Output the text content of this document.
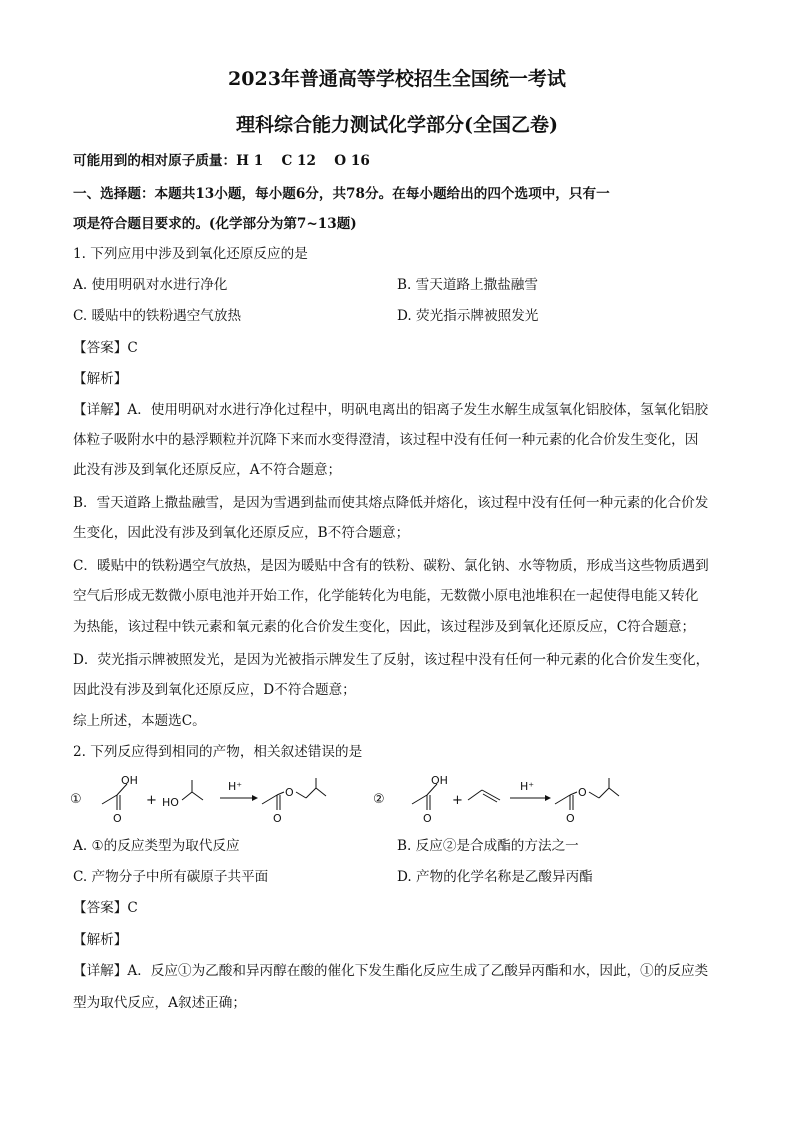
2023年普通高等学校招生全国统一考试
理科综合能力测试化学部分(全国乙卷)
可能用到的相对原子质量：H 1　 C 12　 O 16
一、选择题：本题共13小题，每小题6分，共78分。在每小题给出的四个选项中，只有一
项是符合题目要求的。(化学部分为第7~13题)
1. 下列应用中涉及到氧化还原反应的是
A. 使用明矾对水进行净化	B. 雪天道路上撒盐融雪
C. 暖贴中的铁粉遇空气放热	D. 荧光指示牌被照发光
【答案】C
【解析】
【详解】A．使用明矾对水进行净化过程中，明矾电离出的铝离子发生水解生成氢氧化铝胶体，氢氧化铝胶
体粒子吸附水中的悬浮颗粒并沉降下来而水变得澄清，该过程中没有任何一种元素的化合价发生变化，因
此没有涉及到氧化还原反应，A不符合题意；
B．雪天道路上撒盐融雪，是因为雪遇到盐而使其熔点降低并熔化，该过程中没有任何一种元素的化合价发
生变化，因此没有涉及到氧化还原反应，B不符合题意；
C．暖贴中的铁粉遇空气放热，是因为暖贴中含有的铁粉、碳粉、氯化钠、水等物质，形成当这些物质遇到
空气后形成无数微小原电池并开始工作，化学能转化为电能，无数微小原电池堆积在一起使得电能又转化
为热能，该过程中铁元素和氧元素的化合价发生变化，因此，该过程涉及到氧化还原反应，C符合题意；
D．荧光指示牌被照发光，是因为光被指示牌发生了反射，该过程中没有任何一种元素的化合价发生变化，
因此没有涉及到氧化还原反应，D不符合题意；
综上所述，本题选C。
2. 下列反应得到相同的产物，相关叙述错误的是
①
OH
O
+ HO
H⁺	O
O
②
OH
O
+
H⁺	O
O
A. ①的反应类型为取代反应	B. 反应②是合成酯的方法之一
C. 产物分子中所有碳原子共平面	D. 产物的化学名称是乙酸异丙酯
【答案】C
【解析】
【详解】A．反应①为乙酸和异丙醇在酸的催化下发生酯化反应生成了乙酸异丙酯和水，因此，①的反应类
型为取代反应，A叙述正确；
